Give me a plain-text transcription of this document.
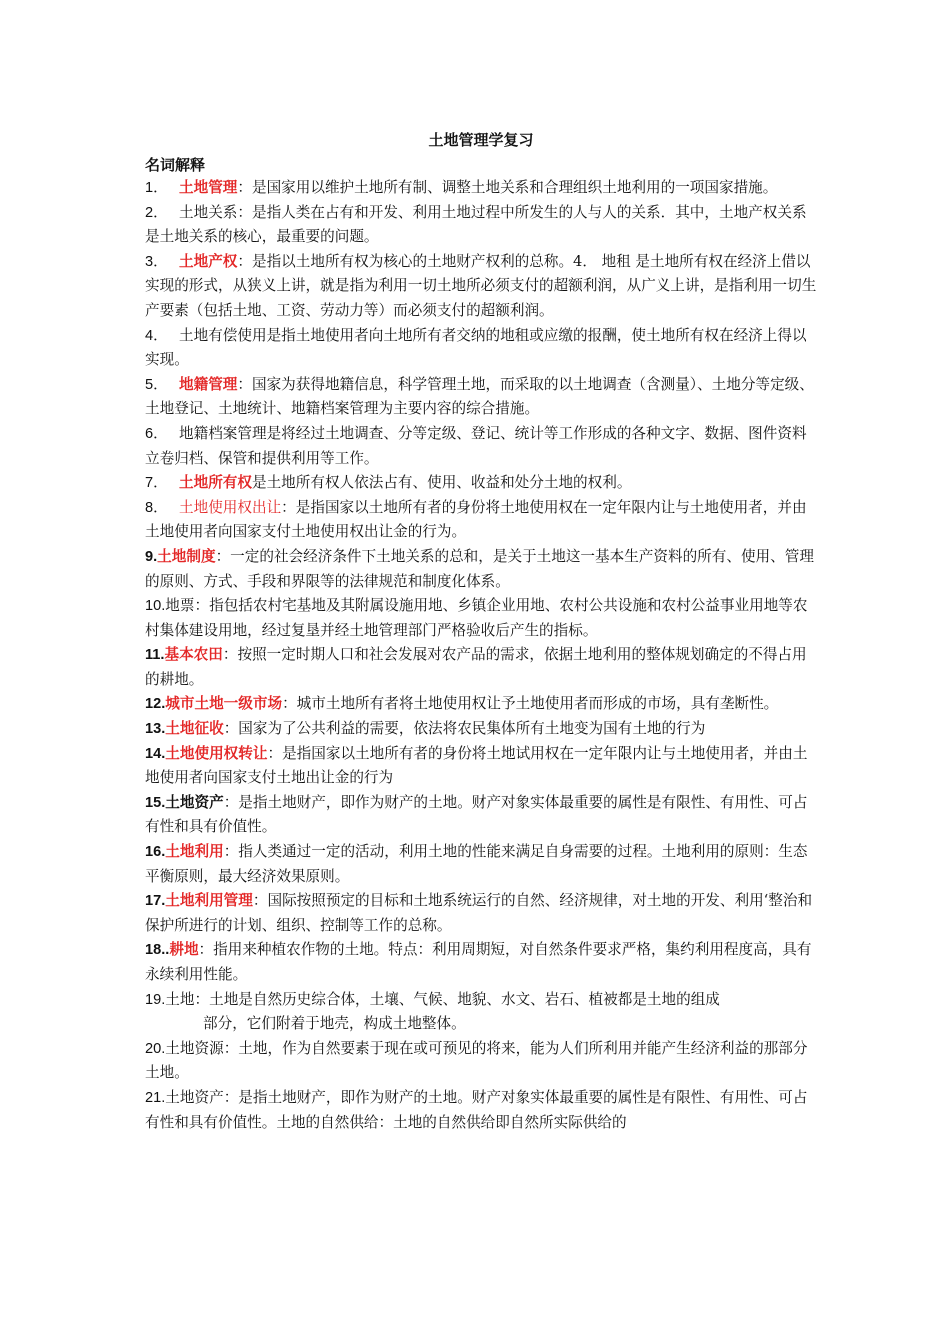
土地管理学复习
名词解释

1． 土地管理：是国家用以维护土地所有制、调整土地关系和合理组织土地利用的一项国家措施。

2． 土地关系：是指人类在占有和开发、利用土地过程中所发生的人与人的关系．其中，土地产权关系是土地关系的核心，最重要的问题。

3． 土地产权：是指以土地所有权为核心的土地财产权利的总称。4． 地租 是土地所有权在经济上借以实现的形式，从狭义上讲，就是指为利用一切土地所必须支付的超额利润，从广义上讲，是指利用一切生产要素（包括土地、工资、劳动力等）而必须支付的超额利润。

4． 土地有偿使用是指土地使用者向土地所有者交纳的地租或应缴的报酬，使土地所有权在经济上得以实现。

5． 地籍管理：国家为获得地籍信息，科学管理土地，而采取的以土地调查（含测量）、土地分等定级、土地登记、土地统计、地籍档案管理为主要内容的综合措施。

6． 地籍档案管理是将经过土地调查、分等定级、登记、统计等工作形成的各种文字、数据、图件资料立卷归档、保管和提供利用等工作。

7． 土地所有权是土地所有权人依法占有、使用、收益和处分土地的权利。

8． 土地使用权出让：是指国家以土地所有者的身份将土地使用权在一定年限内让与土地使用者，并由土地使用者向国家支付土地使用权出让金的行为。

9.土地制度：一定的社会经济条件下土地关系的总和，是关于土地这一基本生产资料的所有、使用、管理的原则、方式、手段和界限等的法律规范和制度化体系。

10.地票：指包括农村宅基地及其附属设施用地、乡镇企业用地、农村公共设施和农村公益事业用地等农村集体建设用地，经过复垦并经土地管理部门严格验收后产生的指标。

11.基本农田：按照一定时期人口和社会发展对农产品的需求，依据土地利用的整体规划确定的不得占用的耕地。

12.城市土地一级市场：城市土地所有者将土地使用权让予土地使用者而形成的市场，具有垄断性。

13.土地征收：国家为了公共利益的需要，依法将农民集体所有土地变为国有土地的行为

14.土地使用权转让：是指国家以土地所有者的身份将土地试用权在一定年限内让与土地使用者，并由土地使用者向国家支付土地出让金的行为

15.土地资产：是指土地财产，即作为财产的土地。财产对象实体最重要的属性是有限性、有用性、可占有性和具有价值性。

16.土地利用：指人类通过一定的活动，利用土地的性能来满足自身需要的过程。土地利用的原则：生态平衡原则，最大经济效果原则。

17.土地利用管理：国际按照预定的目标和土地系统运行的自然、经济规律，对土地的开发、利用‘整治和保护所进行的计划、组织、控制等工作的总称。

18..耕地：指用来种植农作物的土地。特点：利用周期短，对自然条件要求严格，集约利用程度高，具有永续利用性能。

19.土地：土地是自然历史综合体，土壤、气候、地貌、水文、岩石、植被都是土地的组成

部分，它们附着于地壳，构成土地整体。

20.土地资源：土地，作为自然要素于现在或可预见的将来，能为人们所利用并能产生经济利益的那部分土地。

21.土地资产：是指土地财产，即作为财产的土地。财产对象实体最重要的属性是有限性、有用性、可占有性和具有价值性。土地的自然供给：土地的自然供给即自然所实际供给的
